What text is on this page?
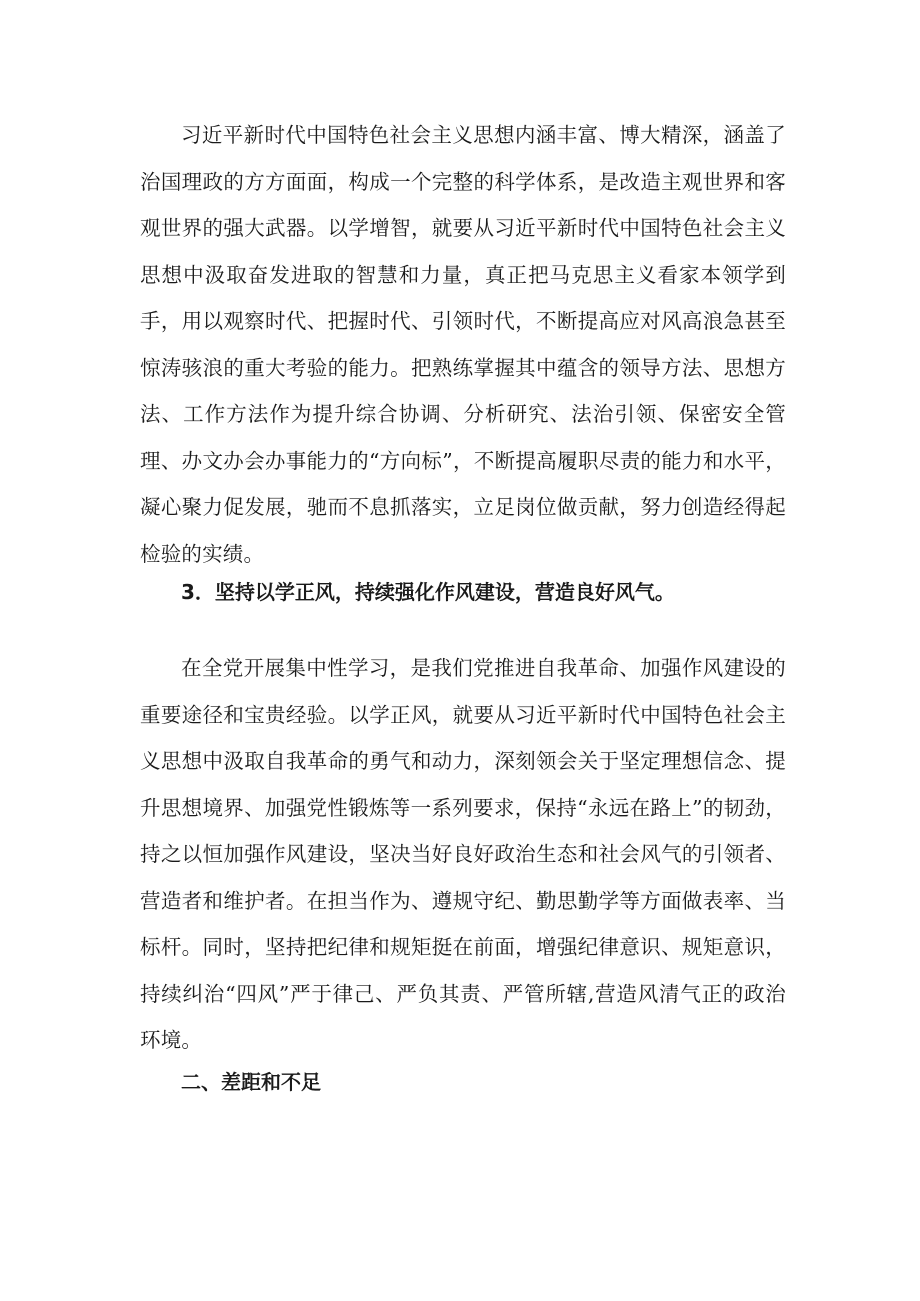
习近平新时代中国特色社会主义思想内涵丰富、博大精深，涵盖了治国理政的方方面面，构成一个完整的科学体系，是改造主观世界和客观世界的强大武器。以学增智，就要从习近平新时代中国特色社会主义思想中汲取奋发进取的智慧和力量，真正把马克思主义看家本领学到手，用以观察时代、把握时代、引领时代，不断提高应对风高浪急甚至惊涛骇浪的重大考验的能力。把熟练掌握其中蕴含的领导方法、思想方法、工作方法作为提升综合协调、分析研究、法治引领、保密安全管理、办文办会办事能力的“方向标”，不断提高履职尽责的能力和水平，凝心聚力促发展，驰而不息抓落实，立足岗位做贡献，努力创造经得起检验的实绩。

3．坚持以学正风，持续强化作风建设，营造良好风气。

在全党开展集中性学习，是我们党推进自我革命、加强作风建设的重要途径和宝贵经验。以学正风，就要从习近平新时代中国特色社会主义思想中汲取自我革命的勇气和动力，深刻领会关于坚定理想信念、提升思想境界、加强党性锻炼等一系列要求，保持“永远在路上”的韧劲，持之以恒加强作风建设，坚决当好良好政治生态和社会风气的引领者、营造者和维护者。在担当作为、遵规守纪、勤思勤学等方面做表率、当标杆。同时，坚持把纪律和规矩挺在前面，增强纪律意识、规矩意识，持续纠治“四风”严于律己、严负其责、严管所辖,营造风清气正的政治环境。

二、差距和不足
